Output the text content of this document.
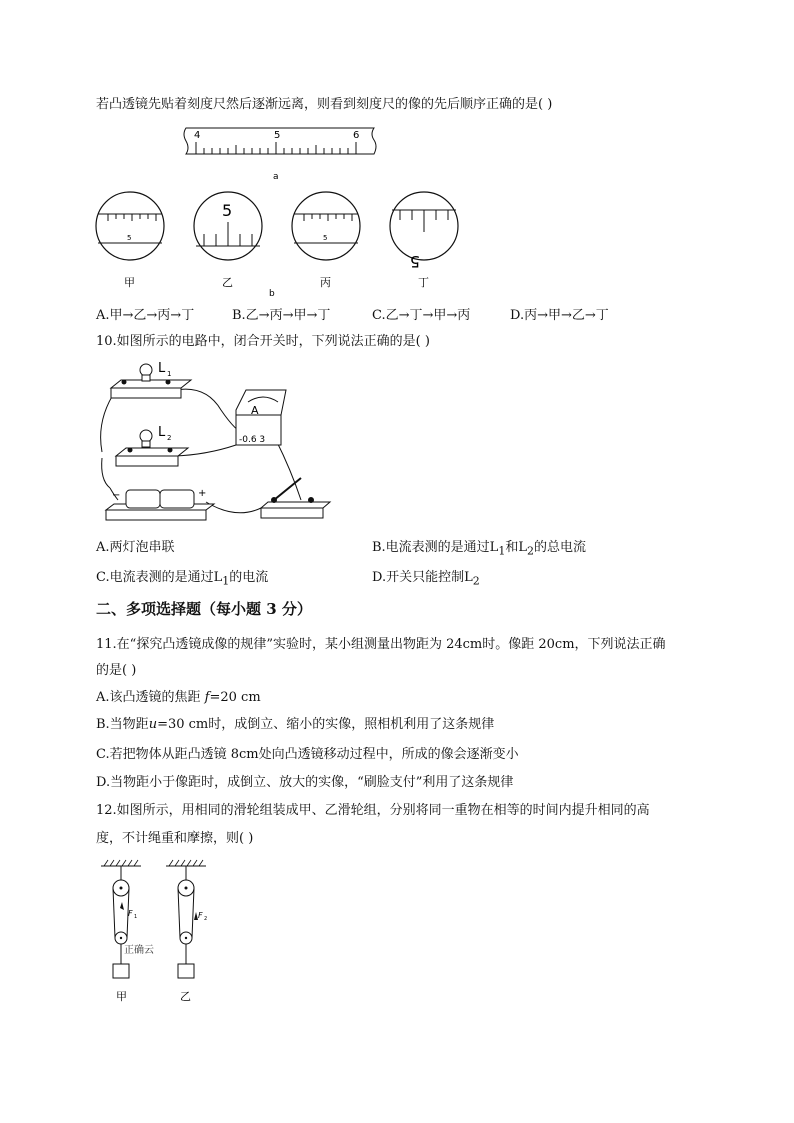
若凸透镜先贴着刻度尺然后逐渐远离，则看到刻度尺的像的先后顺序正确的是( )
4	5	6
a
5
甲
5
乙
5
丙
5
丁
b
A.甲→乙→丙→丁	B.乙→丙→甲→丁	C.乙→丁→甲→丙	D.丙→甲→乙→丁
10.如图所示的电路中，闭合开关时，下列说法正确的是( )
L 1
L 2
A
-0.6 3
−	+
A.两灯泡串联	B.电流表测的是通过$L_1$和$L_2$的总电流
C.电流表测的是通过$L_1$的电流	D.开关只能控制$L_2$
二、多项选择题（每小题 3 分）
11.在“探究凸透镜成像的规律”实验时，某小组测量出物距为 24cm时。像距 20cm，下列说法正确
的是( )
A.该凸透镜的焦距 f=20 cm
B.当物距u=30 cm时，成倒立、缩小的实像，照相机利用了这条规律
C.若把物体从距凸透镜 8cm处向凸透镜移动过程中，所成的像会逐渐变小
D.当物距小于像距时，成倒立、放大的实像，“刷脸支付”利用了这条规律
12.如图所示，用相同的滑轮组装成甲、乙滑轮组，分别将同一重物在相等的时间内提升相同的高
度，不计绳重和摩擦，则( )
F 1
正确云
F 2
甲	乙
